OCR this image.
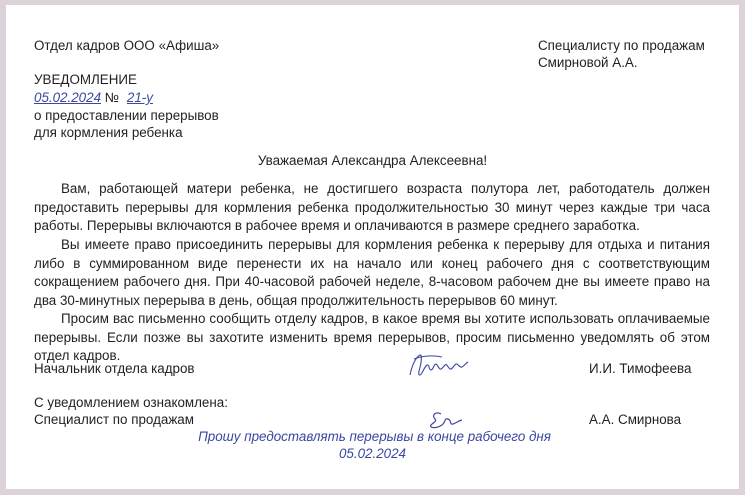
Отдел кадров ООО «Афиша»	Специалисту по продажам
Смирновой А.А.
УВЕДОМЛЕНИЕ
05.02.2024 № 21-у
о предоставлении перерывов
для кормления ребенка
Уважаемая Александра Алексеевна!
Вам, работающей матери ребенка, не достигшего возраста полутора лет, работодатель должен предоставить перерывы для кормления ребенка продолжительностью 30 минут через каждые три часа работы. Перерывы включаются в рабочее время и оплачиваются в размере среднего заработка.
Вы имеете право присоединить перерывы для кормления ребенка к перерыву для отдыха и питания либо в суммированном виде перенести их на начало или конец рабочего дня с соответствующим сокращением рабочего дня. При 40-часовой рабочей неделе, 8-часовом рабочем дне вы имеете право на два 30-минутных перерыва в день, общая продолжительность перерывов 60 минут.
Просим вас письменно сообщить отделу кадров, в какое время вы хотите использовать оплачиваемые перерывы. Если позже вы захотите изменить время перерывов, просим письменно уведомлять об этом отдел кадров.
Начальник отдела кадров	И.И. Тимофеева
С уведомлением ознакомлена:
Специалист по продажам	А.А. Смирнова
Прошу предоставлять перерывы в конце рабочего дня
05.02.2024
